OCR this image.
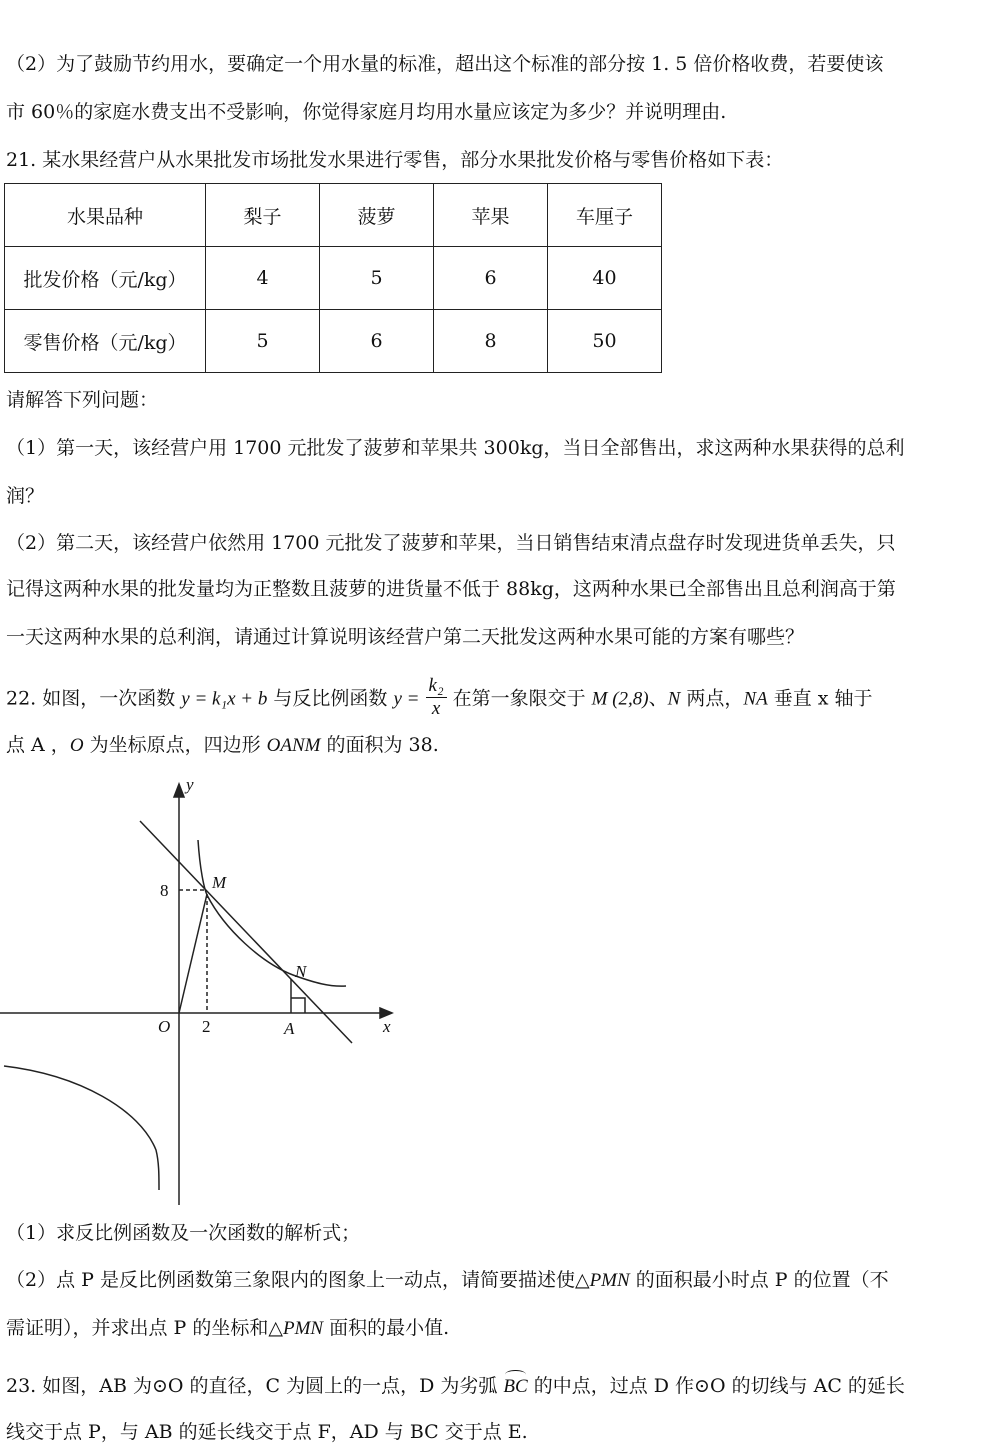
（2）为了鼓励节约用水，要确定一个用水量的标准，超出这个标准的部分按 1. 5 倍价格收费，若要使该
市 60％的家庭水费支出不受影响，你觉得家庭月均用水量应该定为多少？并说明理由.
21. 某水果经营户从水果批发市场批发水果进行零售，部分水果批发价格与零售价格如下表：
水果品种	梨子	菠萝	苹果	车厘子
批发价格（元/kg）	4	5	6	40
零售价格（元/kg）	5	6	8	50
请解答下列问题：
（1）第一天，该经营户用 1700 元批发了菠萝和苹果共 300kg，当日全部售出，求这两种水果获得的总利
润？
（2）第二天，该经营户依然用 1700 元批发了菠萝和苹果，当日销售结束清点盘存时发现进货单丢失，只
记得这两种水果的批发量均为正整数且菠萝的进货量不低于 88kg，这两种水果已全部售出且总利润高于第
一天这两种水果的总利润，请通过计算说明该经营户第二天批发这两种水果可能的方案有哪些？
22. 如图，一次函数 y = k₁x + b 与反比例函数 $y = \frac{\text{k₂}}{x}$ 在第一象限交于 M (2,8)、N 两点，NA 垂直 x 轴于
点 A ，O 为坐标原点，四边形 OANM 的面积为 38.
y
x
M
N
O	A
8
2
（1）求反比例函数及一次函数的解析式；
（2）点 P 是反比例函数第三象限内的图象上一动点，请简要描述使△PMN 的面积最小时点 P 的位置（不
需证明），并求出点 P 的坐标和△PMN 面积的最小值.
23. 如图，AB 为⊙O 的直径，C 为圆上的一点，D 为劣弧 BC 的中点，过点 D 作⊙O 的切线与 AC 的延长
线交于点 P，与 AB 的延长线交于点 F，AD 与 BC 交于点 E.
